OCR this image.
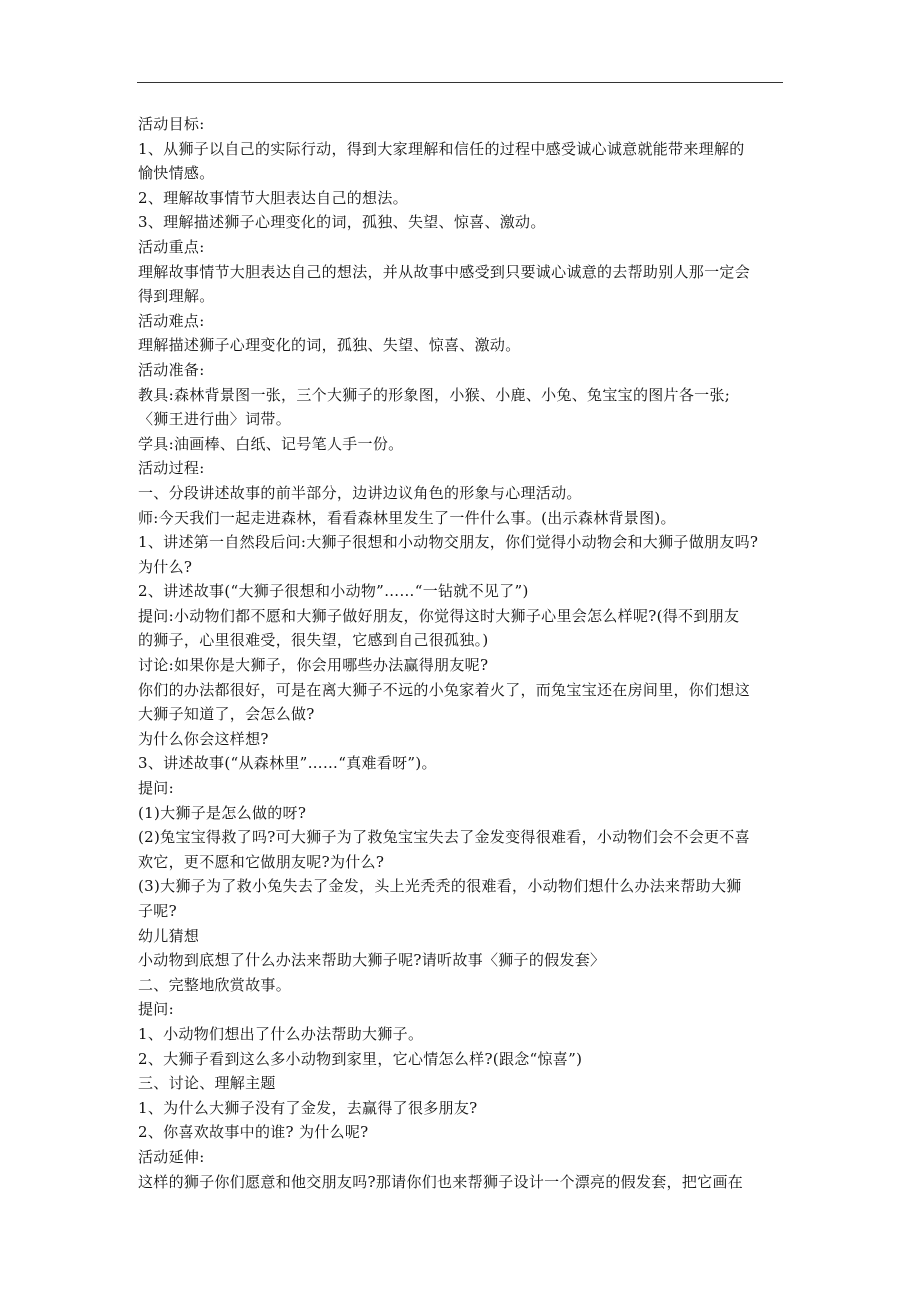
活动目标:
1、从狮子以自己的实际行动，得到大家理解和信任的过程中感受诚心诚意就能带来理解的
愉快情感。
2、理解故事情节大胆表达自己的想法。
3、理解描述狮子心理变化的词，孤独、失望、惊喜、激动。
活动重点:
理解故事情节大胆表达自己的想法，并从故事中感受到只要诚心诚意的去帮助别人那一定会
得到理解。
活动难点:
理解描述狮子心理变化的词，孤独、失望、惊喜、激动。
活动准备:
教具:森林背景图一张，三个大狮子的形象图，小猴、小鹿、小兔、兔宝宝的图片各一张;
〈狮王进行曲〉词带。
学具:油画棒、白纸、记号笔人手一份。
活动过程:
一、分段讲述故事的前半部分，边讲边议角色的形象与心理活动。
师:今天我们一起走进森林，看看森林里发生了一件什么事。(出示森林背景图)。
1、讲述第一自然段后问:大狮子很想和小动物交朋友，你们觉得小动物会和大狮子做朋友吗?
为什么?
2、讲述故事(“大狮子很想和小动物”……“一钻就不见了”)
提问:小动物们都不愿和大狮子做好朋友，你觉得这时大狮子心里会怎么样呢?(得不到朋友
的狮子，心里很难受，很失望，它感到自己很孤独。)
讨论:如果你是大狮子，你会用哪些办法赢得朋友呢?
你们的办法都很好，可是在离大狮子不远的小兔家着火了，而兔宝宝还在房间里，你们想这
大狮子知道了，会怎么做?
为什么你会这样想?
3、讲述故事(“从森林里”……“真难看呀”)。
提问:
(1)大狮子是怎么做的呀?
(2)兔宝宝得救了吗?可大狮子为了救兔宝宝失去了金发变得很难看，小动物们会不会更不喜
欢它，更不愿和它做朋友呢?为什么?
(3)大狮子为了救小兔失去了金发，头上光秃秃的很难看，小动物们想什么办法来帮助大狮
子呢?
幼儿猜想
小动物到底想了什么办法来帮助大狮子呢?请听故事〈狮子的假发套〉
二、完整地欣赏故事。
提问:
1、小动物们想出了什么办法帮助大狮子。
2、大狮子看到这么多小动物到家里，它心情怎么样?(跟念“惊喜”)
三、讨论、理解主题
1、为什么大狮子没有了金发，去赢得了很多朋友?
2、你喜欢故事中的谁? 为什么呢?
活动延伸:
这样的狮子你们愿意和他交朋友吗?那请你们也来帮狮子设计一个漂亮的假发套，把它画在
